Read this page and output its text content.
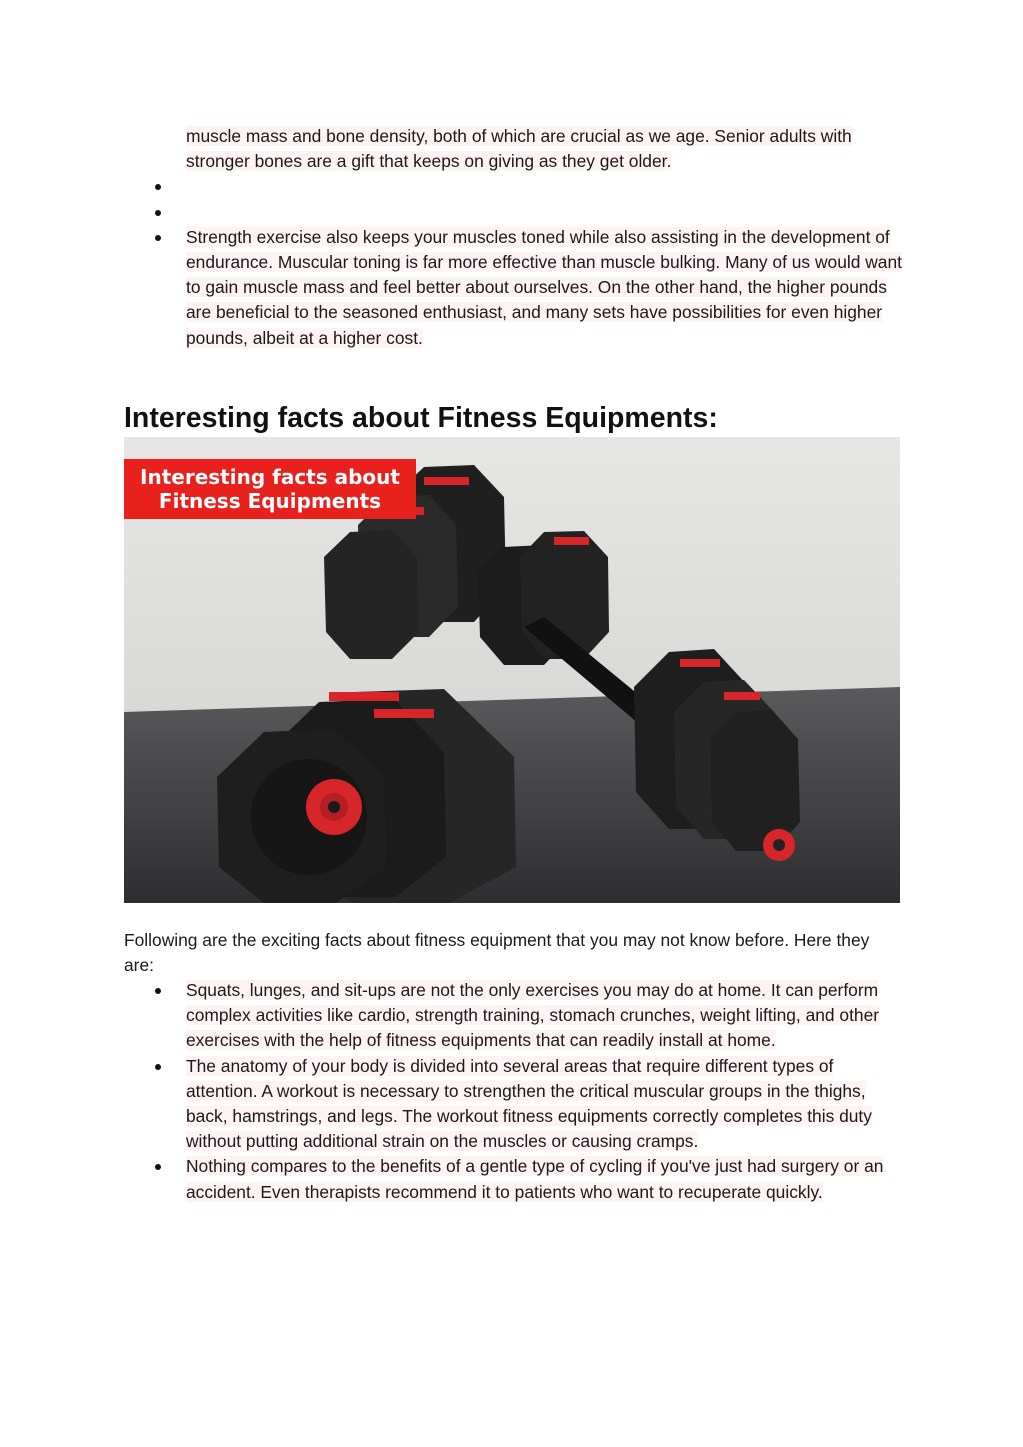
muscle mass and bone density, both of which are crucial as we age. Senior adults with stronger bones are a gift that keeps on giving as they get older.

Strength exercise also keeps your muscles toned while also assisting in the development of endurance. Muscular toning is far more effective than muscle bulking. Many of us would want to gain muscle mass and feel better about ourselves. On the other hand, the higher pounds are beneficial to the seasoned enthusiast, and many sets have possibilities for even higher pounds, albeit at a higher cost.
Interesting facts about Fitness Equipments:
Interesting facts about
Fitness Equipments

Following are the exciting facts about fitness equipment that you may not know before. Here they are:

Squats, lunges, and sit-ups are not the only exercises you may do at home. It can perform complex activities like cardio, strength training, stomach crunches, weight lifting, and other exercises with the help of fitness equipments that can readily install at home.
The anatomy of your body is divided into several areas that require different types of attention. A workout is necessary to strengthen the critical muscular groups in the thighs, back, hamstrings, and legs. The workout fitness equipments correctly completes this duty without putting additional strain on the muscles or causing cramps.
Nothing compares to the benefits of a gentle type of cycling if you've just had surgery or an accident. Even therapists recommend it to patients who want to recuperate quickly.
